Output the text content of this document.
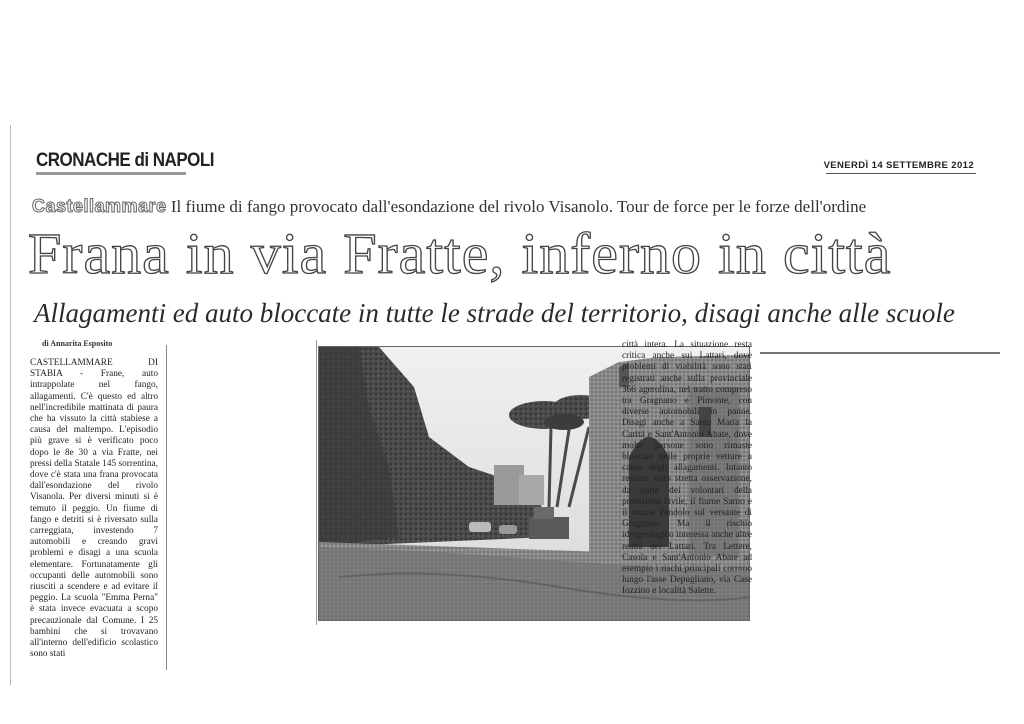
CRONACHE di NAPOLI	VENERDÌ 14 SETTEMBRE 2012
Castellammare Il fiume di fango provocato dall'esondazione del rivolo Visanolo. Tour de force per le forze dell'ordine
Frana in via Fratte, inferno in città
Allagamenti ed auto bloccate in tutte le strade del territorio, disagi anche alle scuole
di Annarita Esposito

CASTELLAMMARE DI STABIA - Frane, auto intrappolate nel fango, allagamenti. C'è questo ed altro nell'incredibile mattinata di paura che ha vissuto la città stabiese a causa del maltempo. L'episodio più grave si è verificato poco dopo le 8e 30 a via Fratte, nei pressi della Statale 145 sorrentina, dove c'è stata una frana provocata dall'esondazione del rivolo Visanola. Per diversi minuti si è temuto il peggio. Un fiume di fango e detriti si è riversato sulla carreggiata, investendo 7 automobili e creando gravi problemi e disagi a una scuola elementare. Fortunatamente gli occupanti delle automobili sono riusciti a scendere e ad evitare il peggio. La scuola "Emma Perna" è stata invece evacuata a scopo precauzionale dal Comune. I 25 bambini che si trovavano all'interno dell'edificio scolastico sono stati

città intera. La situazione resta critica anche sui Lattari, dove problemi di viabilità sono stati registrati anche sulla provinciale 366 agerolina, nel tratto compreso tra Gragnano e Pimonte, con diverse automobili in panne. Disagi anche a Santa Maria la Carità e Sant'Antonio Abate, dove molte persone sono rimaste bloccate nelle proprie vetture a causa degli allagamenti. Intanto restano sotto stretta osservazione, da parte dei volontari della protezione civile, il fiume Sarno e il monte Pendolo sul versante di Gragnano. Ma il rischio idrogeologico interessa anche altre realtà dei Lattari. Tra Lettere, Casola e Sant'Antonio Abate ad esempio i rischi principali corrono lungo l'asse Depugliano, via Case Iozzino e località Salette.
